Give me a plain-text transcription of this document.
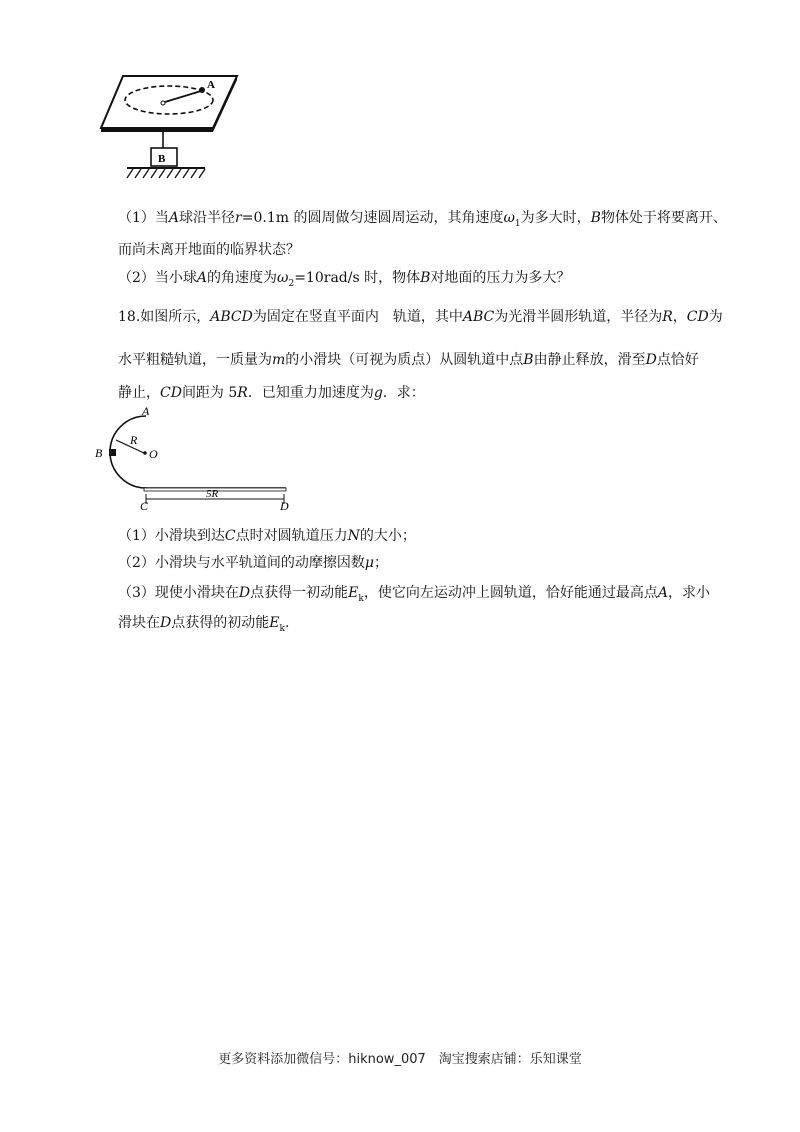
A
B
（1）当A球沿半径r=0.1m 的圆周做匀速圆周运动，其角速度$\omega_1$为多大时，B物体处于将要离开、
而尚未离开地面的临界状态？
（2）当小球A的角速度为$\omega_2=10rad/s$ 时，物体B对地面的压力为多大？
18.如图所示，ABCD为固定在竖直平面内　轨道，其中ABC为光滑半圆形轨道，半径为R，CD为
水平粗糙轨道，一质量为m的小滑块（可视为质点）从圆轨道中点B由静止释放，滑至D点恰好
静止，CD间距为 5R．已知重力加速度为g．求：
A
B
R
O
C	D
5R
（1）小滑块到达C点时对圆轨道压力N的大小；
（2）小滑块与水平轨道间的动摩擦因数μ；
（3）现使小滑块在D点获得一初动能$E_k$，使它向左运动冲上圆轨道，恰好能通过最高点A，求小
滑块在D点获得的初动能$E_k$.
更多资料添加微信号：hiknow_007　淘宝搜索店铺：乐知课堂
